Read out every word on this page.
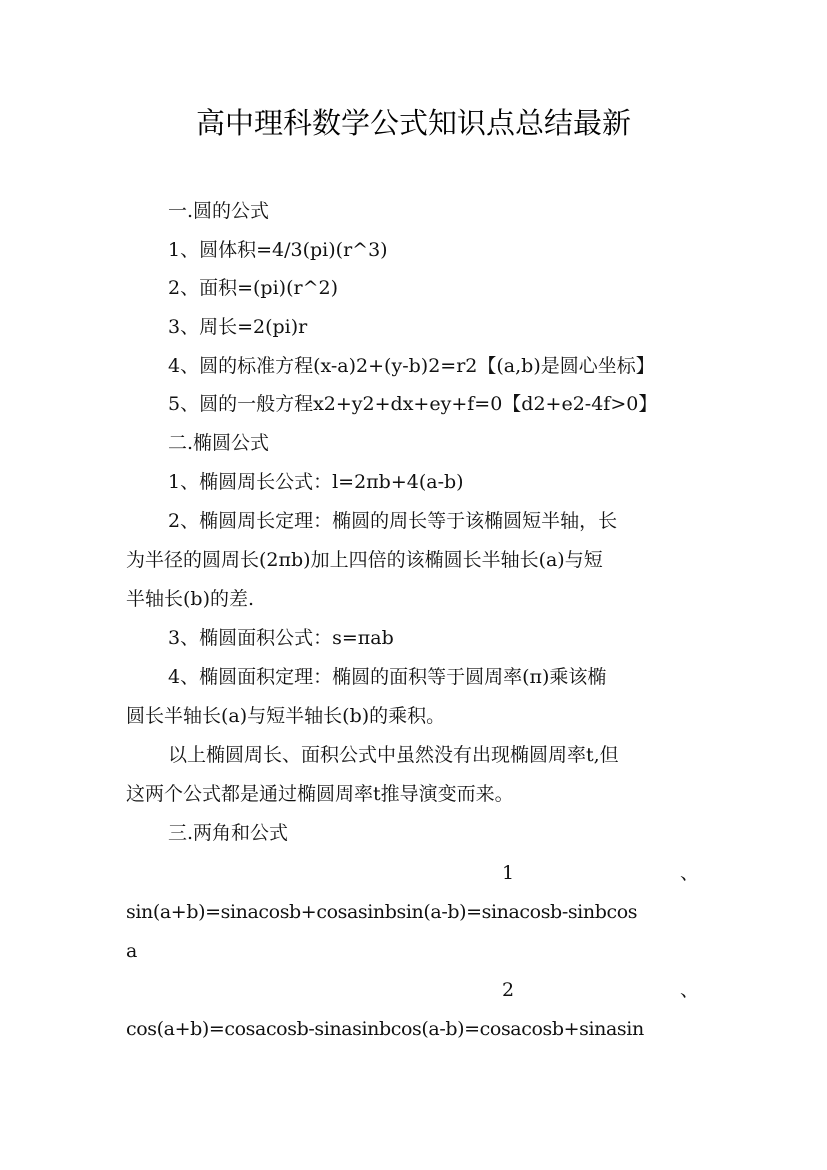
高中理科数学公式知识点总结最新
一.圆的公式
1、圆体积=4/3(pi)(r^3)
2、面积=(pi)(r^2)
3、周长=2(pi)r
4、圆的标准方程(x-a)2+(y-b)2=r2【(a,b)是圆心坐标】
5、圆的一般方程x2+y2+dx+ey+f=0【d2+e2-4f>0】
二.椭圆公式
1、椭圆周长公式：l=2πb+4(a-b)
2、椭圆周长定理：椭圆的周长等于该椭圆短半轴，长
为半径的圆周长(2πb)加上四倍的该椭圆长半轴长(a)与短
半轴长(b)的差.
3、椭圆面积公式：s=πab
4、椭圆面积定理：椭圆的面积等于圆周率(π)乘该椭
圆长半轴长(a)与短半轴长(b)的乘积。
以上椭圆周长、面积公式中虽然没有出现椭圆周率t,但
这两个公式都是通过椭圆周率t推导演变而来。
三.两角和公式
1	、
sin(a+b)=sinacosb+cosasinbsin(a-b)=sinacosb-sinbcos
a
2	、
cos(a+b)=cosacosb-sinasinbcos(a-b)=cosacosb+sinasin
